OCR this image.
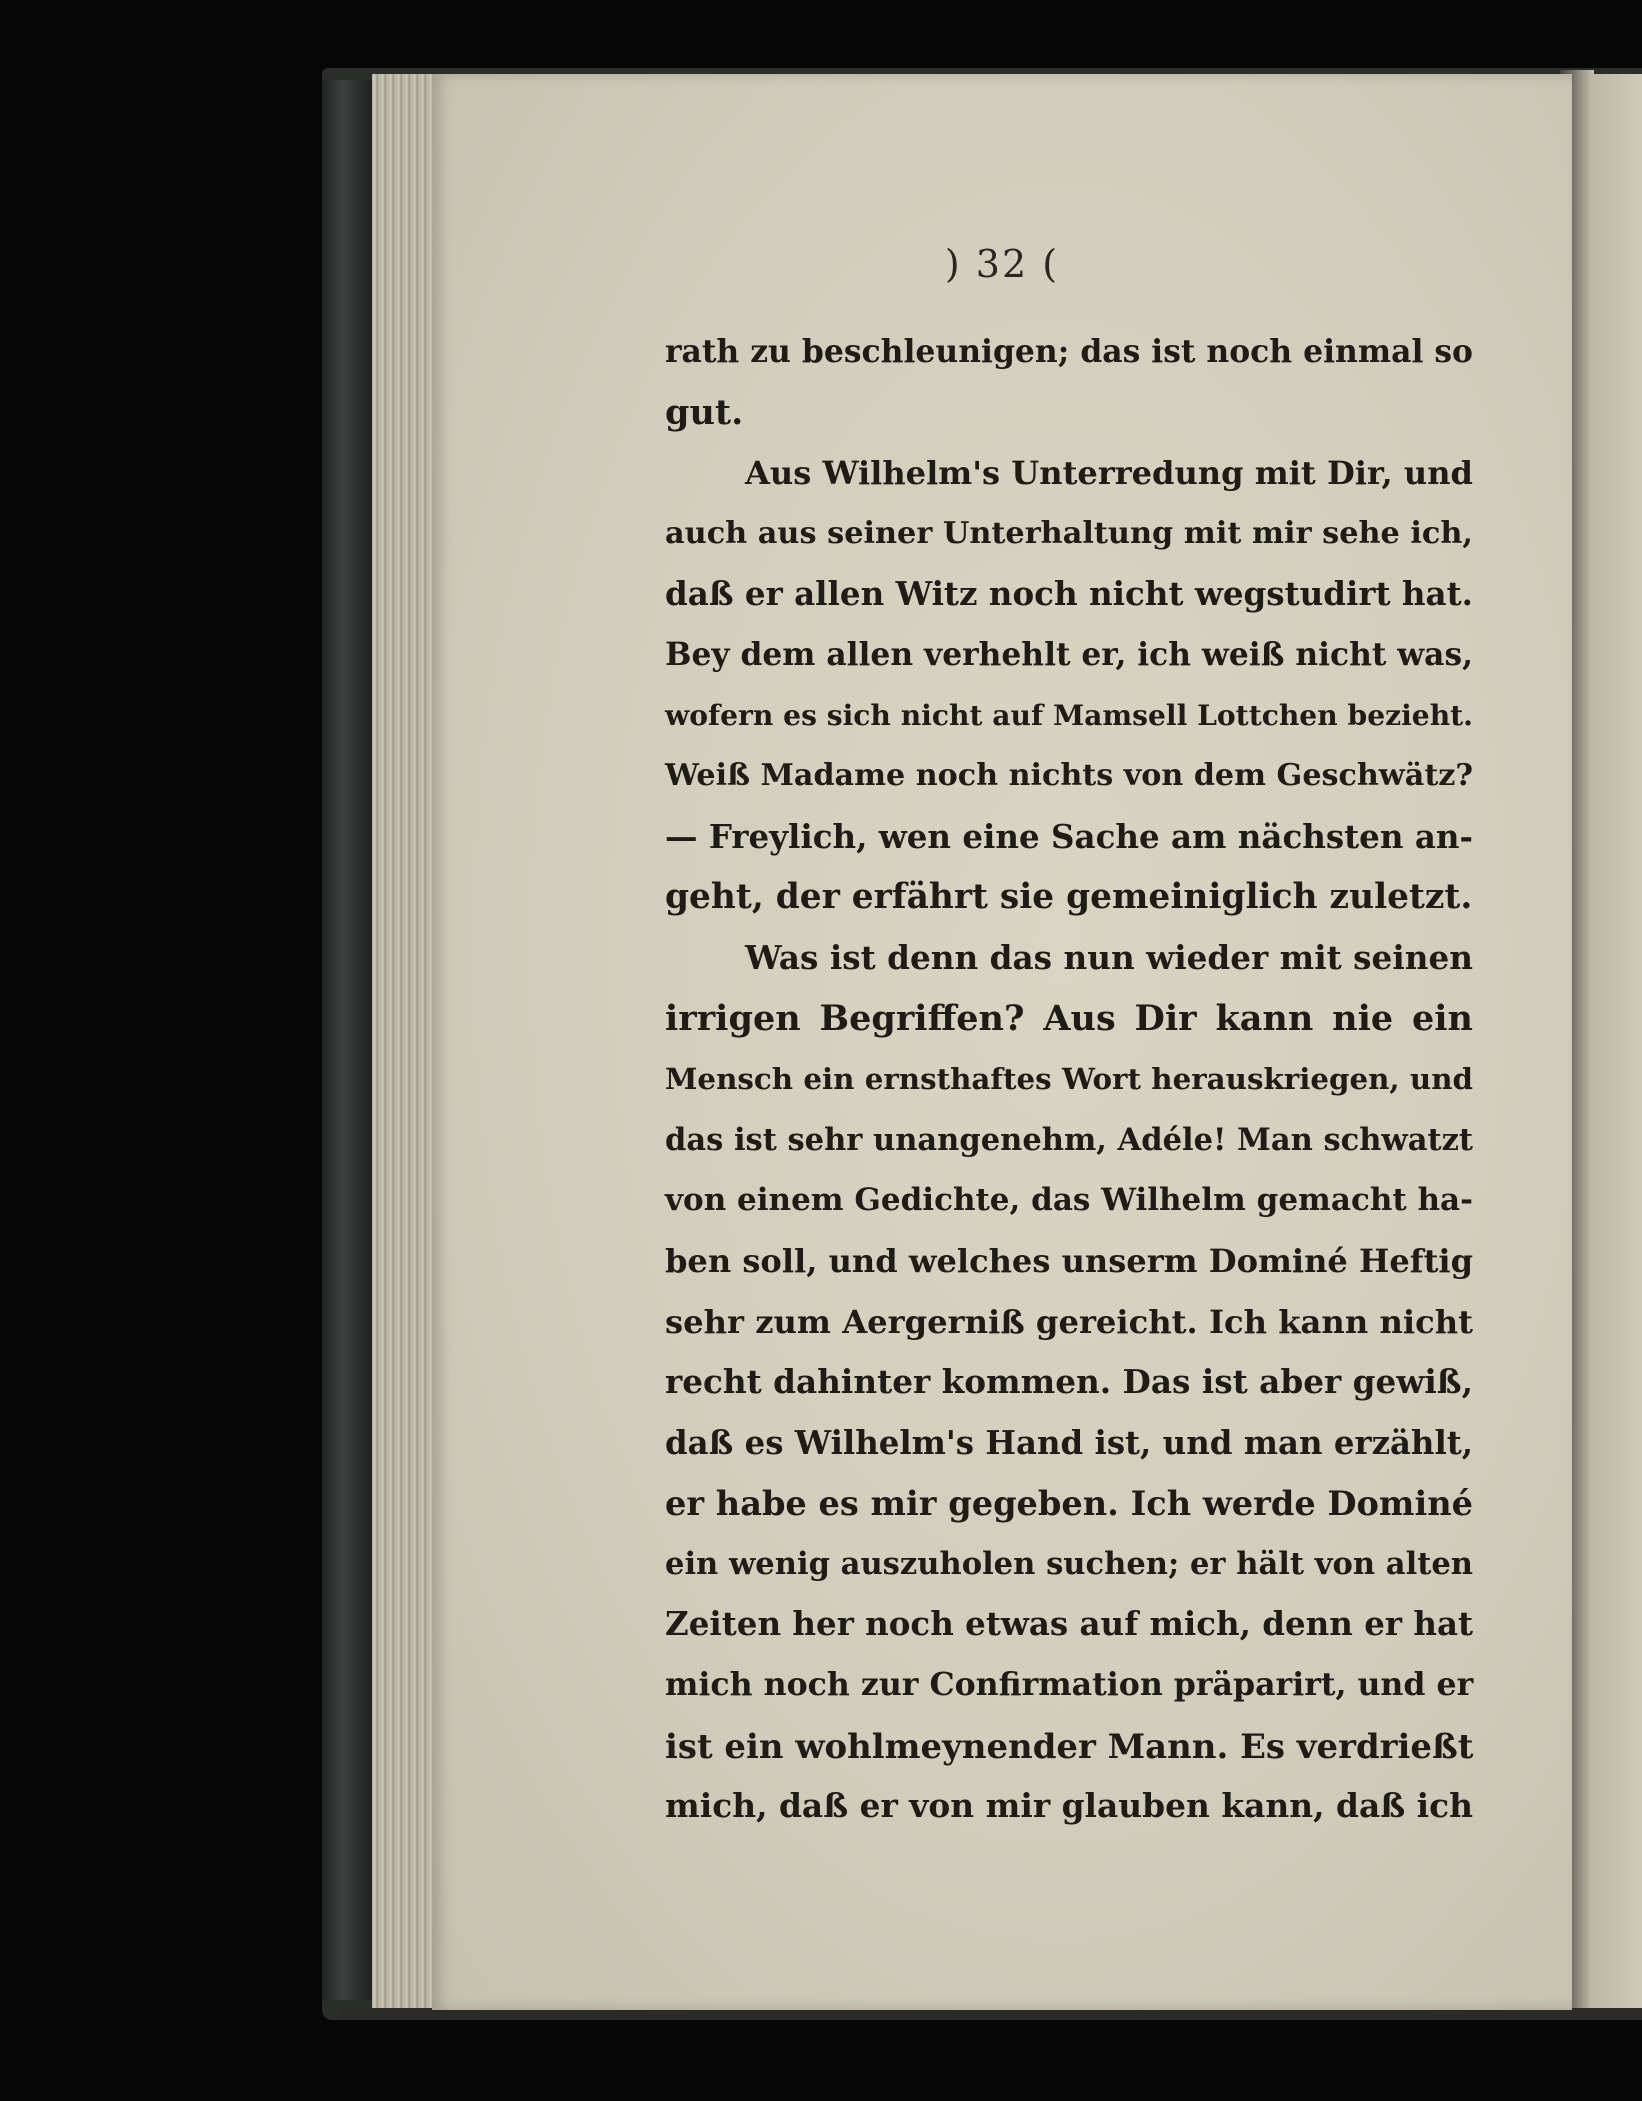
) 32 (
rath zu beschleunigen; das ist noch einmal so
gut.
Aus Wilhelm's Unterredung mit Dir, und
auch aus seiner Unterhaltung mit mir sehe ich,
daß er allen Witz noch nicht wegstudirt hat.
Bey dem allen verhehlt er, ich weiß nicht was,
wofern es sich nicht auf Mamsell Lottchen bezieht.
Weiß Madame noch nichts von dem Geschwätz?
— Freylich, wen eine Sache am nächsten an-
geht, der erfährt sie gemeiniglich zuletzt.
Was ist denn das nun wieder mit seinen
irrigen Begriffen? Aus Dir kann nie ein
Mensch ein ernsthaftes Wort herauskriegen, und
das ist sehr unangenehm, Adéle! Man schwatzt
von einem Gedichte, das Wilhelm gemacht ha-
ben soll, und welches unserm Dominé Heftig
sehr zum Aergerniß gereicht. Ich kann nicht
recht dahinter kommen. Das ist aber gewiß,
daß es Wilhelm's Hand ist, und man erzählt,
er habe es mir gegeben. Ich werde Dominé
ein wenig auszuholen suchen; er hält von alten
Zeiten her noch etwas auf mich, denn er hat
mich noch zur Confirmation präparirt, und er
ist ein wohlmeynender Mann. Es verdrießt
mich, daß er von mir glauben kann, daß ich
